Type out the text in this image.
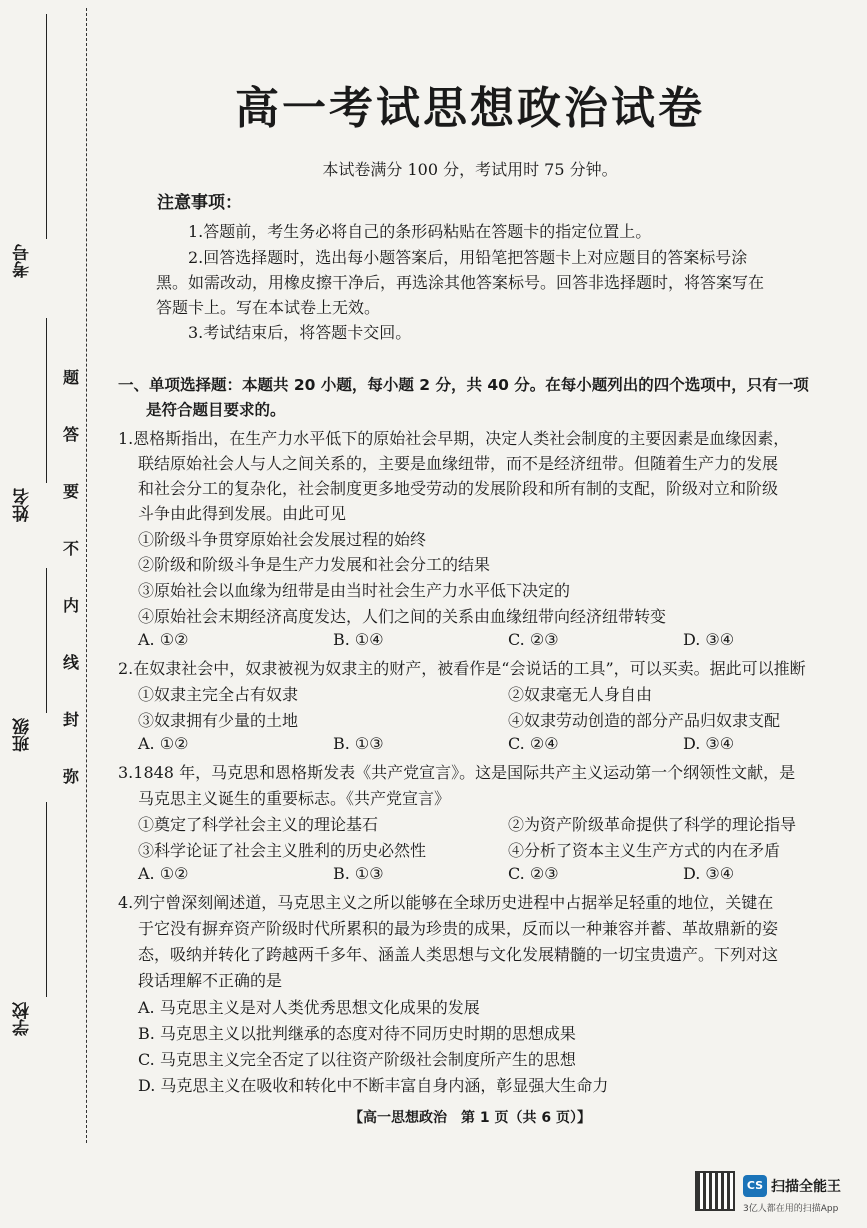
考号
姓名
班级
学校
题
答
要
不
内
线
封
弥
高一考试思想政治试卷
本试卷满分 100 分，考试用时 75 分钟。
注意事项：
1.答题前，考生务必将自己的条形码粘贴在答题卡的指定位置上。
2.回答选择题时，选出每小题答案后，用铅笔把答题卡上对应题目的答案标号涂
黑。如需改动，用橡皮擦干净后，再选涂其他答案标号。回答非选择题时，将答案写在
答题卡上。写在本试卷上无效。
3.考试结束后，将答题卡交回。
一、单项选择题：本题共 20 小题，每小题 2 分，共 40 分。在每小题列出的四个选项中，只有一项
是符合题目要求的。
1.恩格斯指出，在生产力水平低下的原始社会早期，决定人类社会制度的主要因素是血缘因素，
联结原始社会人与人之间关系的，主要是血缘纽带，而不是经济纽带。但随着生产力的发展
和社会分工的复杂化，社会制度更多地受劳动的发展阶段和所有制的支配，阶级对立和阶级
斗争由此得到发展。由此可见
①阶级斗争贯穿原始社会发展过程的始终
②阶级和阶级斗争是生产力发展和社会分工的结果
③原始社会以血缘为纽带是由当时社会生产力水平低下决定的
④原始社会末期经济高度发达，人们之间的关系由血缘纽带向经济纽带转变
A. ①②	B. ①④	C. ②③	D. ③④
2.在奴隶社会中，奴隶被视为奴隶主的财产，被看作是“会说话的工具”，可以买卖。据此可以推断
①奴隶主完全占有奴隶	②奴隶毫无人身自由
③奴隶拥有少量的土地	④奴隶劳动创造的部分产品归奴隶支配
A. ①②	B. ①③	C. ②④	D. ③④
3.1848 年，马克思和恩格斯发表《共产党宣言》。这是国际共产主义运动第一个纲领性文献，是
马克思主义诞生的重要标志。《共产党宣言》
①奠定了科学社会主义的理论基石	②为资产阶级革命提供了科学的理论指导
③科学论证了社会主义胜利的历史必然性	④分析了资本主义生产方式的内在矛盾
A. ①②	B. ①③	C. ②③	D. ③④
4.列宁曾深刻阐述道，马克思主义之所以能够在全球历史进程中占据举足轻重的地位，关键在
于它没有摒弃资产阶级时代所累积的最为珍贵的成果，反而以一种兼容并蓄、革故鼎新的姿
态，吸纳并转化了跨越两千多年、涵盖人类思想与文化发展精髓的一切宝贵遗产。下列对这
段话理解不正确的是
A. 马克思主义是对人类优秀思想文化成果的发展
B. 马克思主义以批判继承的态度对待不同历史时期的思想成果
C. 马克思主义完全否定了以往资产阶级社会制度所产生的思想
D. 马克思主义在吸收和转化中不断丰富自身内涵，彰显强大生命力
【高一思想政治　第 1 页（共 6 页）】
CS 扫描全能王
3亿人都在用的扫描App
